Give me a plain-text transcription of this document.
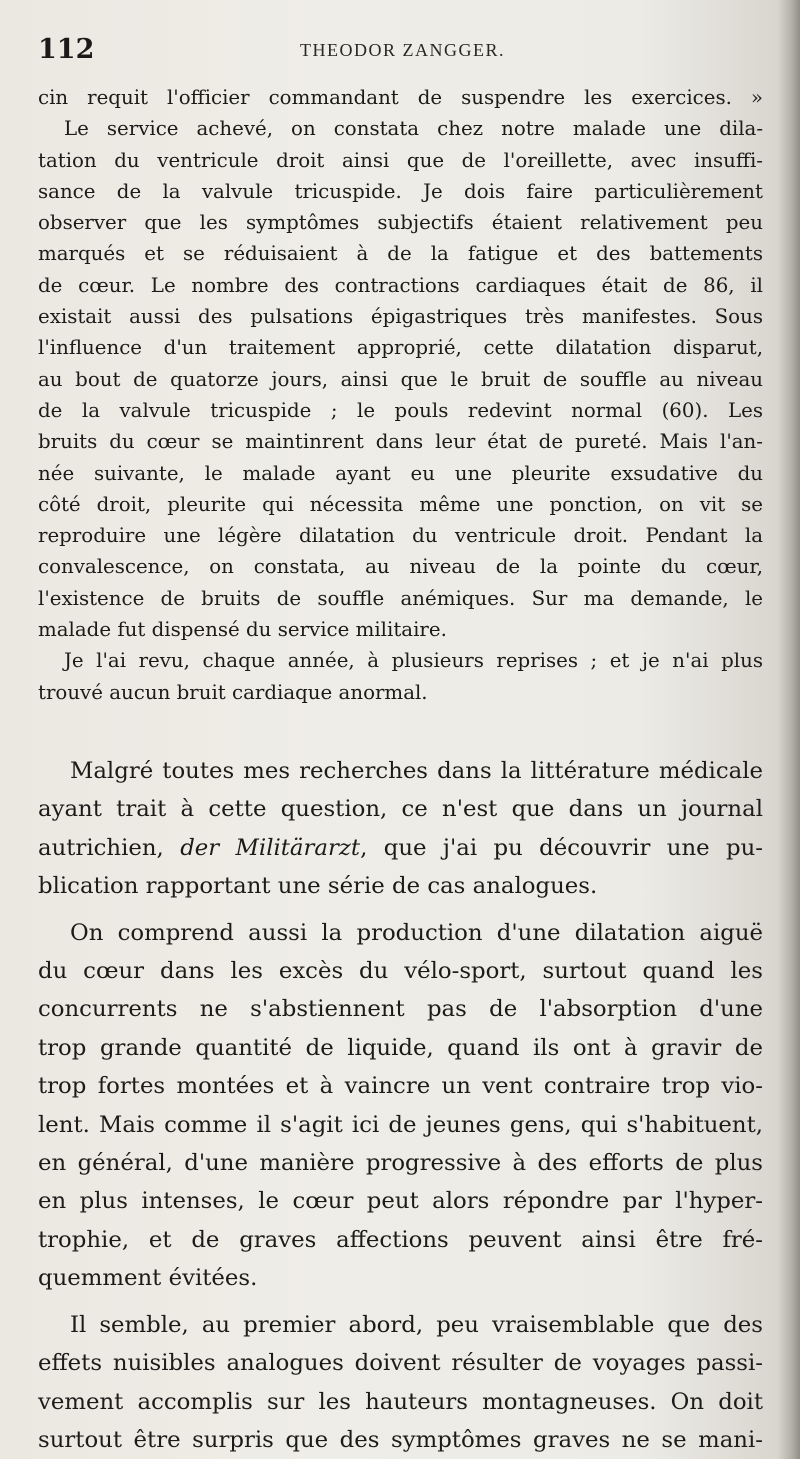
112	THEODOR ZANGGER.
cin requit l'officier commandant de suspendre les exercices. »
Le service achevé, on constata chez notre malade une dila-
tation du ventricule droit ainsi que de l'oreillette, avec insuffi-
sance de la valvule tricuspide. Je dois faire particulièrement
observer que les symptômes subjectifs étaient relativement peu
marqués et se réduisaient à de la fatigue et des battements
de cœur. Le nombre des contractions cardiaques était de 86, il
existait aussi des pulsations épigastriques très manifestes. Sous
l'influence d'un traitement approprié, cette dilatation disparut,
au bout de quatorze jours, ainsi que le bruit de souffle au niveau
de la valvule tricuspide ; le pouls redevint normal (60). Les
bruits du cœur se maintinrent dans leur état de pureté. Mais l'an-
née suivante, le malade ayant eu une pleurite exsudative du
côté droit, pleurite qui nécessita même une ponction, on vit se
reproduire une légère dilatation du ventricule droit. Pendant la
convalescence, on constata, au niveau de la pointe du cœur,
l'existence de bruits de souffle anémiques. Sur ma demande, le
malade fut dispensé du service militaire.
Je l'ai revu, chaque année, à plusieurs reprises ; et je n'ai plus
trouvé aucun bruit cardiaque anormal.
Malgré toutes mes recherches dans la littérature médicale
ayant trait à cette question, ce n'est que dans un journal
autrichien, der Militärarzt, que j'ai pu découvrir une pu-
blication rapportant une série de cas analogues.
On comprend aussi la production d'une dilatation aiguë
du cœur dans les excès du vélo-sport, surtout quand les
concurrents ne s'abstiennent pas de l'absorption d'une
trop grande quantité de liquide, quand ils ont à gravir de
trop fortes montées et à vaincre un vent contraire trop vio-
lent. Mais comme il s'agit ici de jeunes gens, qui s'habituent,
en général, d'une manière progressive à des efforts de plus
en plus intenses, le cœur peut alors répondre par l'hyper-
trophie, et de graves affections peuvent ainsi être fré-
quemment évitées.
Il semble, au premier abord, peu vraisemblable que des
effets nuisibles analogues doivent résulter de voyages passi-
vement accomplis sur les hauteurs montagneuses. On doit
surtout être surpris que des symptômes graves ne se mani-
